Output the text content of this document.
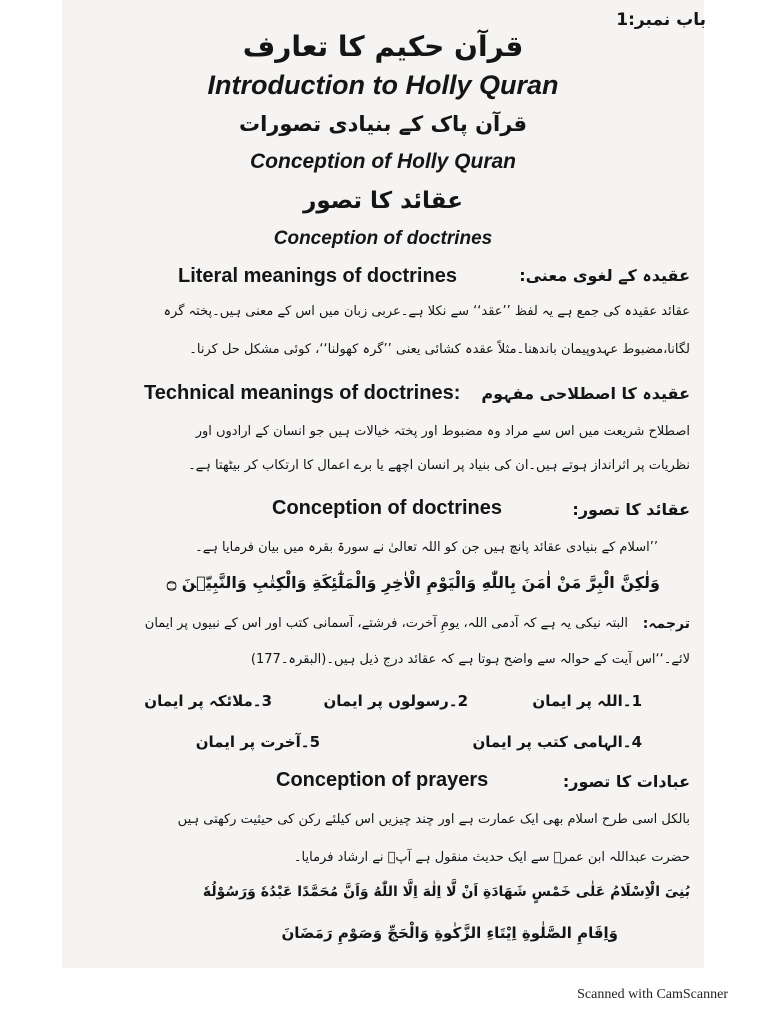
باب نمبر:1
قرآن حکیم کا تعارف
Introduction to Holly Quran
قرآن پاک کے بنیادی تصورات
Conception of Holly Quran
عقائد کا تصور
Conception of doctrines
عقیدہ کے لغوی معنی:
Literal meanings of doctrines
عقائد عقیدہ کی جمع ہے یہ لفظ ’’عقد‘‘ سے نکلا ہے۔عربی زبان میں اس کے معنی ہیں۔پختہ گرہ
لگانا،مضبوط عہدوپیمان باندھنا۔مثلاً عقدہ کشائی یعنی ’’گرہ کھولنا‘‘، کوئی مشکل حل کرنا۔
عقیدہ کا اصطلاحی مفہوم
Technical meanings of doctrines:
اصطلاح شریعت میں اس سے مراد وہ مضبوط اور پختہ خیالات ہیں جو انسان کے ارادوں اور
نظریات پر اثرانداز ہوتے ہیں۔ان کی بنیاد پر انسان اچھے یا برے اعمال کا ارتکاب کر بیٹھتا ہے۔
عقائد کا تصور:
Conception of doctrines
’’اسلام کے بنیادی عقائد پانچ ہیں جن کو اللہ تعالیٰ نے سورۃ بقرہ میں بیان فرمایا ہے۔
وَلٰكِنَّ الْبِرَّ مَنْ اٰمَنَ بِاللّٰهِ وَالْيَوْمِ الْاٰخِرِ وَالْمَلٰٓئِكَةِ وَالْكِتٰبِ وَالنَّبِيّٖنَ ۝
ترجمہ:
البتہ نیکی یہ ہے کہ آدمی اللہ، یومِ آخرت، فرشتے، آسمانی کتب اور اس کے نبیوں پر ایمان
لائے۔‘‘اس آیت کے حوالہ سے واضح ہوتا ہے کہ عقائد درج ذیل ہیں۔(البقرہ۔177)
1۔اللہ پر ایمان
2۔رسولوں پر ایمان
3۔ملائکہ پر ایمان
4۔الہامی کتب پر ایمان
5۔آخرت پر ایمان
عبادات کا تصور:
Conception of prayers
بالکل اسی طرح اسلام بھی ایک عمارت ہے اور چند چیزیں اس کیلئے رکن کی حیثیت رکھتی ہیں
حضرت عبداللہ ابن عمرؓ سے ایک حدیث منقول ہے آپؐ نے ارشاد فرمایا۔
بُنِیَ الْاِسْلَامُ عَلٰی خَمْسٍ شَهَادَةِ اَنْ لَّا اِلٰهَ اِلَّا اللّٰهُ وَاَنَّ مُحَمَّدًا عَبْدُهٗ وَرَسُوْلُهٗ
وَاِقَامِ الصَّلٰوةِ اِيْتَاءِ الزَّكٰوةِ وَالْحَجِّ وَصَوْمِ رَمَضَانَ
Scanned with CamScanner
